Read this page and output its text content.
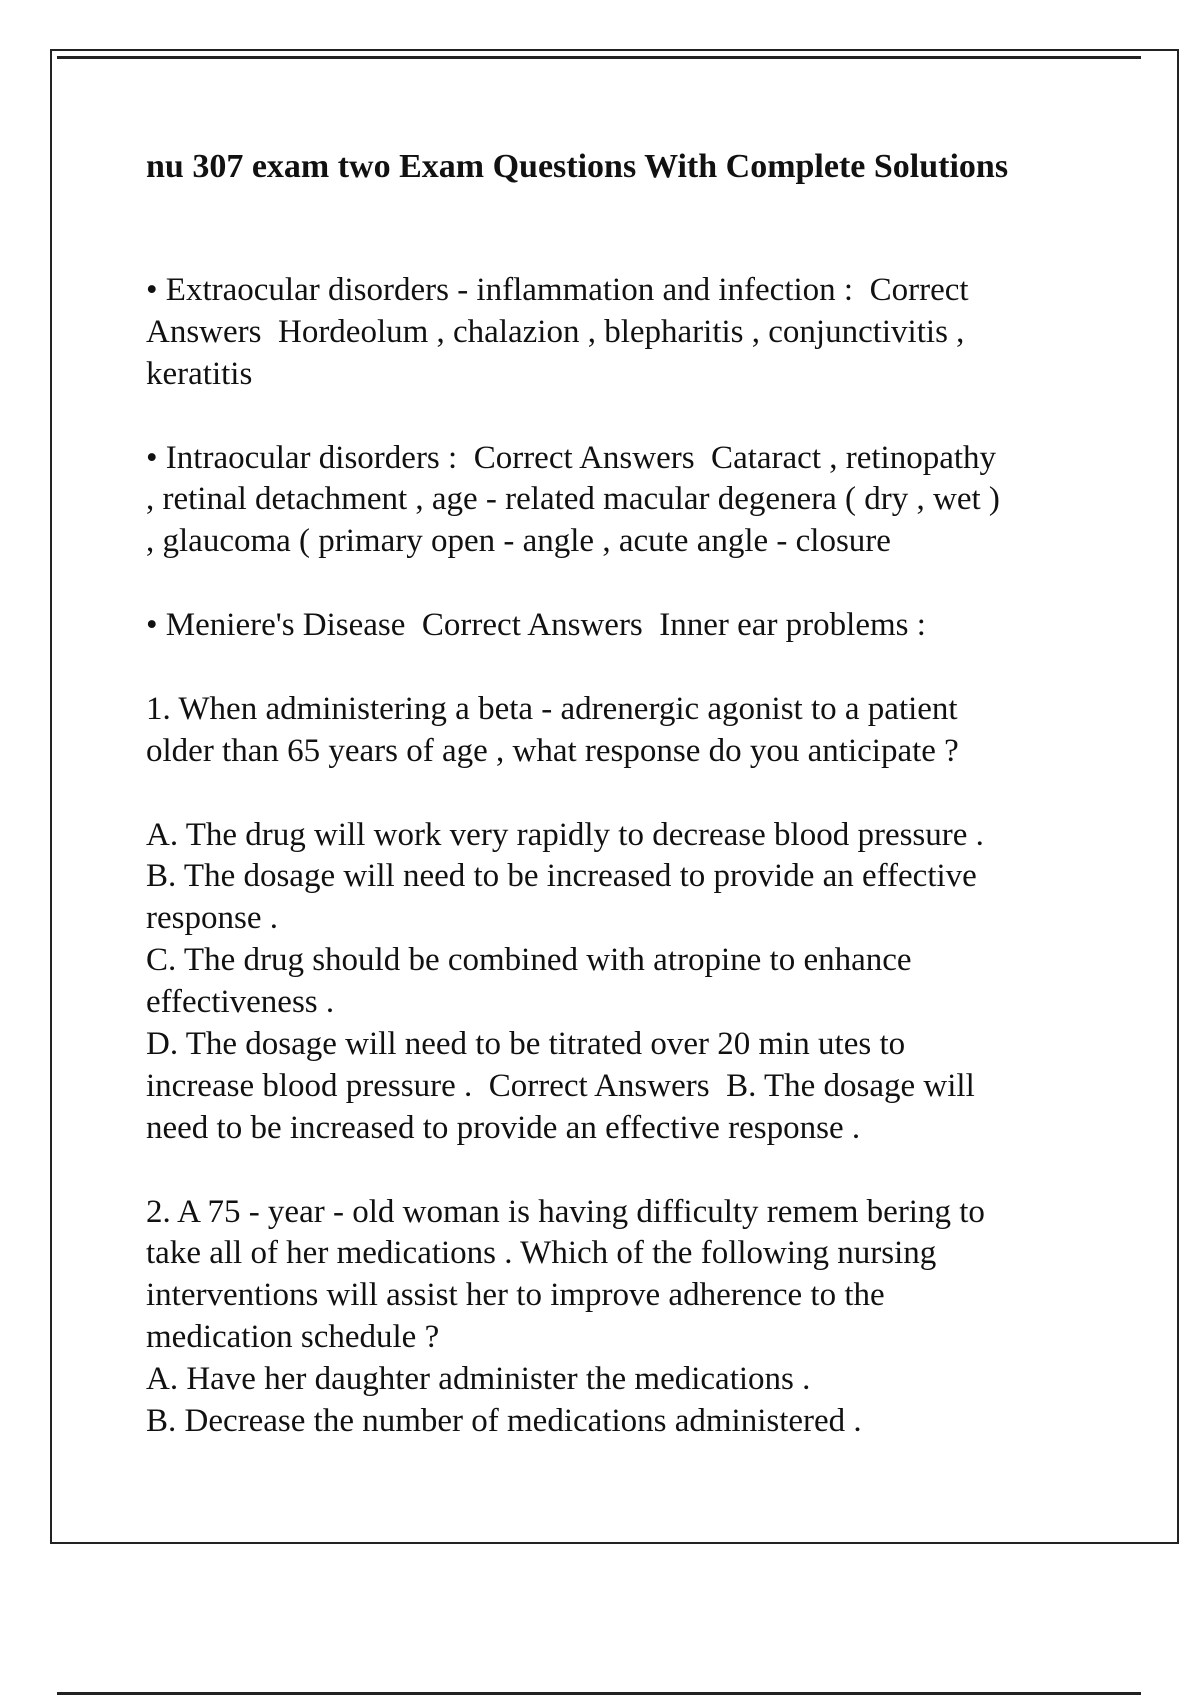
nu 307 exam two Exam Questions With Complete Solutions
• Extraocular disorders - inflammation and infection :  Correct
Answers  Hordeolum , chalazion , blepharitis , conjunctivitis ,
keratitis
• Intraocular disorders :  Correct Answers  Cataract , retinopathy
, retinal detachment , age - related macular degenera ( dry , wet )
, glaucoma ( primary open - angle , acute angle - closure
• Meniere's Disease  Correct Answers  Inner ear problems :
1. When administering a beta - adrenergic agonist to a patient
older than 65 years of age , what response do you anticipate ?
A. The drug will work very rapidly to decrease blood pressure .
B. The dosage will need to be increased to provide an effective
response .
C. The drug should be combined with atropine to enhance
effectiveness .
D. The dosage will need to be titrated over 20 min utes to
increase blood pressure .  Correct Answers  B. The dosage will
need to be increased to provide an effective response .
2. A 75 - year - old woman is having difficulty remem bering to
take all of her medications . Which of the following nursing
interventions will assist her to improve adherence to the
medication schedule ?
A. Have her daughter administer the medications .
B. Decrease the number of medications administered .
